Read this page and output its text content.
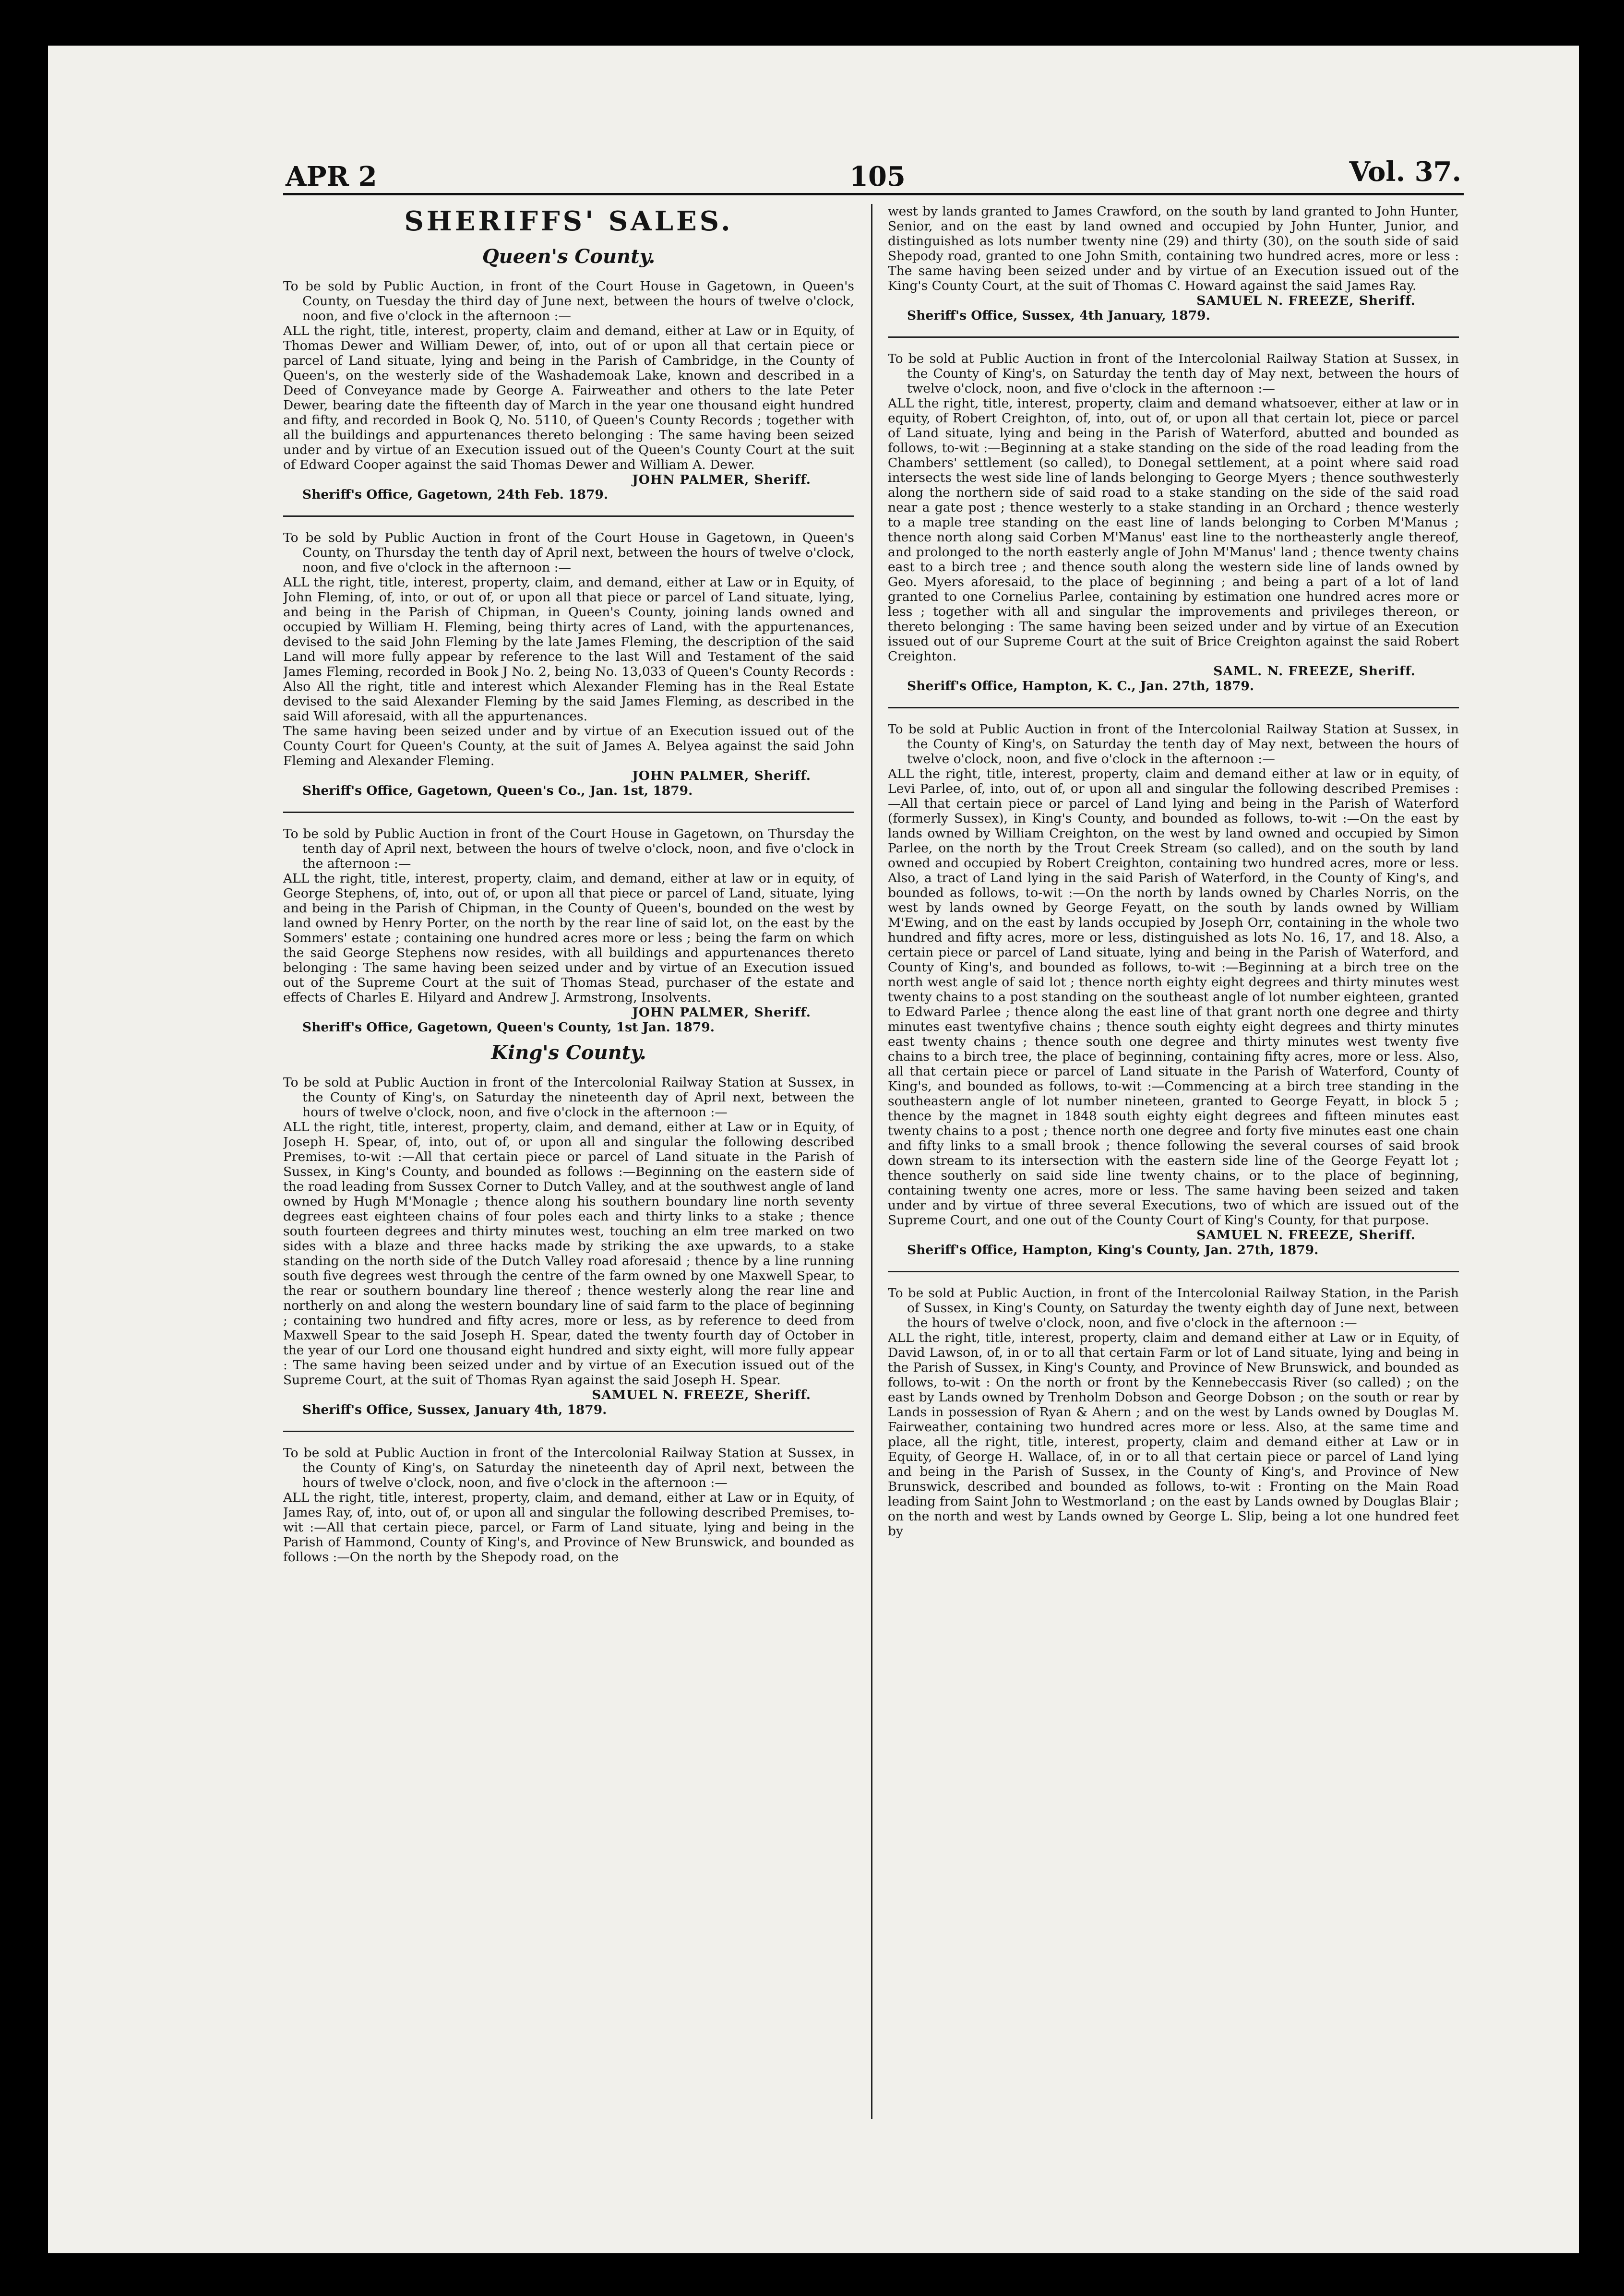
APR 2	105	Vol. 37.
SHERIFFS' SALES.
Queen's County.

To be sold by Public Auction, in front of the Court House in Gagetown, in Queen's County, on Tuesday the third day of June next, between the hours of twelve o'clock, noon, and five o'clock in the afternoon :—

ALL the right, title, interest, property, claim and demand, either at Law or in Equity, of Thomas Dewer and William Dewer, of, into, out of or upon all that certain piece or parcel of Land situate, lying and being in the Parish of Cambridge, in the County of Queen's, on the westerly side of the Washademoak Lake, known and described in a Deed of Conveyance made by George A. Fairweather and others to the late Peter Dewer, bearing date the fifteenth day of March in the year one thousand eight hundred and fifty, and recorded in Book Q, No. 5110, of Queen's County Records ; together with all the buildings and appurtenances thereto belonging : The same having been seized under and by virtue of an Execution issued out of the Queen's County Court at the suit of Edward Cooper against the said Thomas Dewer and William A. Dewer.

JOHN PALMER, Sheriff.

Sheriff's Office, Gagetown, 24th Feb. 1879.

To be sold by Public Auction in front of the Court House in Gagetown, in Queen's County, on Thursday the tenth day of April next, between the hours of twelve o'clock, noon, and five o'clock in the afternoon :—

ALL the right, title, interest, property, claim, and demand, either at Law or in Equity, of John Fleming, of, into, or out of, or upon all that piece or parcel of Land situate, lying, and being in the Parish of Chipman, in Queen's County, joining lands owned and occupied by William H. Fleming, being thirty acres of Land, with the appurtenances, devised to the said John Fleming by the late James Fleming, the description of the said Land will more fully appear by reference to the last Will and Testament of the said James Fleming, recorded in Book J No. 2, being No. 13,033 of Queen's County Records : Also All the right, title and interest which Alexander Fleming has in the Real Estate devised to the said Alexander Fleming by the said James Fleming, as described in the said Will aforesaid, with all the appurtenances.

The same having been seized under and by virtue of an Execution issued out of the County Court for Queen's County, at the suit of James A. Belyea against the said John Fleming and Alexander Fleming.

JOHN PALMER, Sheriff.

Sheriff's Office, Gagetown, Queen's Co., Jan. 1st, 1879.

To be sold by Public Auction in front of the Court House in Gagetown, on Thursday the tenth day of April next, between the hours of twelve o'clock, noon, and five o'clock in the afternoon :—

ALL the right, title, interest, property, claim, and demand, either at law or in equity, of George Stephens, of, into, out of, or upon all that piece or parcel of Land, situate, lying and being in the Parish of Chipman, in the County of Queen's, bounded on the west by land owned by Henry Porter, on the north by the rear line of said lot, on the east by the Sommers' estate ; containing one hundred acres more or less ; being the farm on which the said George Stephens now resides, with all buildings and appurtenances thereto belonging : The same having been seized under and by virtue of an Execution issued out of the Supreme Court at the suit of Thomas Stead, purchaser of the estate and effects of Charles E. Hilyard and Andrew J. Armstrong, Insolvents.

JOHN PALMER, Sheriff.

Sheriff's Office, Gagetown, Queen's County, 1st Jan. 1879.

King's County.

To be sold at Public Auction in front of the Intercolonial Railway Station at Sussex, in the County of King's, on Saturday the nineteenth day of April next, between the hours of twelve o'clock, noon, and five o'clock in the afternoon :—

ALL the right, title, interest, property, claim, and demand, either at Law or in Equity, of Joseph H. Spear, of, into, out of, or upon all and singular the following described Premises, to-wit :—All that certain piece or parcel of Land situate in the Parish of Sussex, in King's County, and bounded as follows :—Beginning on the eastern side of the road leading from Sussex Corner to Dutch Valley, and at the southwest angle of land owned by Hugh M'Monagle ; thence along his southern boundary line north seventy degrees east eighteen chains of four poles each and thirty links to a stake ; thence south fourteen degrees and thirty minutes west, touching an elm tree marked on two sides with a blaze and three hacks made by striking the axe upwards, to a stake standing on the north side of the Dutch Valley road aforesaid ; thence by a line running south five degrees west through the centre of the farm owned by one Maxwell Spear, to the rear or southern boundary line thereof ; thence westerly along the rear line and northerly on and along the western boundary line of said farm to the place of beginning ; containing two hundred and fifty acres, more or less, as by reference to deed from Maxwell Spear to the said Joseph H. Spear, dated the twenty fourth day of October in the year of our Lord one thousand eight hundred and sixty eight, will more fully appear : The same having been seized under and by virtue of an Execution issued out of the Supreme Court, at the suit of Thomas Ryan against the said Joseph H. Spear.

SAMUEL N. FREEZE, Sheriff.

Sheriff's Office, Sussex, January 4th, 1879.

To be sold at Public Auction in front of the Intercolonial Railway Station at Sussex, in the County of King's, on Saturday the nineteenth day of April next, between the hours of twelve o'clock, noon, and five o'clock in the afternoon :—

ALL the right, title, interest, property, claim, and demand, either at Law or in Equity, of James Ray, of, into, out of, or upon all and singular the following described Premises, to-wit :—All that certain piece, parcel, or Farm of Land situate, lying and being in the Parish of Hammond, County of King's, and Province of New Brunswick, and bounded as follows :—On the north by the Shepody road, on the

west by lands granted to James Crawford, on the south by land granted to John Hunter, Senior, and on the east by land owned and occupied by John Hunter, Junior, and distinguished as lots number twenty nine (29) and thirty (30), on the south side of said Shepody road, granted to one John Smith, containing two hundred acres, more or less : The same having been seized under and by virtue of an Execution issued out of the King's County Court, at the suit of Thomas C. Howard against the said James Ray.

SAMUEL N. FREEZE, Sheriff.

Sheriff's Office, Sussex, 4th January, 1879.

To be sold at Public Auction in front of the Intercolonial Railway Station at Sussex, in the County of King's, on Saturday the tenth day of May next, between the hours of twelve o'clock, noon, and five o'clock in the afternoon :—

ALL the right, title, interest, property, claim and demand whatsoever, either at law or in equity, of Robert Creighton, of, into, out of, or upon all that certain lot, piece or parcel of Land situate, lying and being in the Parish of Waterford, abutted and bounded as follows, to-wit :—Beginning at a stake standing on the side of the road leading from the Chambers' settlement (so called), to Donegal settlement, at a point where said road intersects the west side line of lands belonging to George Myers ; thence southwesterly along the northern side of said road to a stake standing on the side of the said road near a gate post ; thence westerly to a stake standing in an Orchard ; thence westerly to a maple tree standing on the east line of lands belonging to Corben M'Manus ; thence north along said Corben M'Manus' east line to the northeasterly angle thereof, and prolonged to the north easterly angle of John M'Manus' land ; thence twenty chains east to a birch tree ; and thence south along the western side line of lands owned by Geo. Myers aforesaid, to the place of beginning ; and being a part of a lot of land granted to one Cornelius Parlee, containing by estimation one hundred acres more or less ; together with all and singular the improvements and privileges thereon, or thereto belonging : The same having been seized under and by virtue of an Execution issued out of our Supreme Court at the suit of Brice Creighton against the said Robert Creighton.

SAML. N. FREEZE, Sheriff.

Sheriff's Office, Hampton, K. C., Jan. 27th, 1879.

To be sold at Public Auction in front of the Intercolonial Railway Station at Sussex, in the County of King's, on Saturday the tenth day of May next, between the hours of twelve o'clock, noon, and five o'clock in the afternoon :—

ALL the right, title, interest, property, claim and demand either at law or in equity, of Levi Parlee, of, into, out of, or upon all and singular the following described Premises :—All that certain piece or parcel of Land lying and being in the Parish of Waterford (formerly Sussex), in King's County, and bounded as follows, to-wit :—On the east by lands owned by William Creighton, on the west by land owned and occupied by Simon Parlee, on the north by the Trout Creek Stream (so called), and on the south by land owned and occupied by Robert Creighton, containing two hundred acres, more or less. Also, a tract of Land lying in the said Parish of Waterford, in the County of King's, and bounded as follows, to-wit :—On the north by lands owned by Charles Norris, on the west by lands owned by George Feyatt, on the south by lands owned by William M'Ewing, and on the east by lands occupied by Joseph Orr, containing in the whole two hundred and fifty acres, more or less, distinguished as lots No. 16, 17, and 18. Also, a certain piece or parcel of Land situate, lying and being in the Parish of Waterford, and County of King's, and bounded as follows, to-wit :—Beginning at a birch tree on the north west angle of said lot ; thence north eighty eight degrees and thirty minutes west twenty chains to a post standing on the southeast angle of lot number eighteen, granted to Edward Parlee ; thence along the east line of that grant north one degree and thirty minutes east twentyfive chains ; thence south eighty eight degrees and thirty minutes east twenty chains ; thence south one degree and thirty minutes west twenty five chains to a birch tree, the place of beginning, containing fifty acres, more or less. Also, all that certain piece or parcel of Land situate in the Parish of Waterford, County of King's, and bounded as follows, to-wit :—Commencing at a birch tree standing in the southeastern angle of lot number nineteen, granted to George Feyatt, in block 5 ; thence by the magnet in 1848 south eighty eight degrees and fifteen minutes east twenty chains to a post ; thence north one degree and forty five minutes east one chain and fifty links to a small brook ; thence following the several courses of said brook down stream to its intersection with the eastern side line of the George Feyatt lot ; thence southerly on said side line twenty chains, or to the place of beginning, containing twenty one acres, more or less. The same having been seized and taken under and by virtue of three several Executions, two of which are issued out of the Supreme Court, and one out of the County Court of King's County, for that purpose.

SAMUEL N. FREEZE, Sheriff.

Sheriff's Office, Hampton, King's County, Jan. 27th, 1879.

To be sold at Public Auction, in front of the Intercolonial Railway Station, in the Parish of Sussex, in King's County, on Saturday the twenty eighth day of June next, between the hours of twelve o'clock, noon, and five o'clock in the afternoon :—

ALL the right, title, interest, property, claim and demand either at Law or in Equity, of David Lawson, of, in or to all that certain Farm or lot of Land situate, lying and being in the Parish of Sussex, in King's County, and Province of New Brunswick, and bounded as follows, to-wit : On the north or front by the Kennebeccasis River (so called) ; on the east by Lands owned by Trenholm Dobson and George Dobson ; on the south or rear by Lands in possession of Ryan & Ahern ; and on the west by Lands owned by Douglas M. Fairweather, containing two hundred acres more or less. Also, at the same time and place, all the right, title, interest, property, claim and demand either at Law or in Equity, of George H. Wallace, of, in or to all that certain piece or parcel of Land lying and being in the Parish of Sussex, in the County of King's, and Province of New Brunswick, described and bounded as follows, to-wit : Fronting on the Main Road leading from Saint John to Westmorland ; on the east by Lands owned by Douglas Blair ; on the north and west by Lands owned by George L. Slip, being a lot one hundred feet by
